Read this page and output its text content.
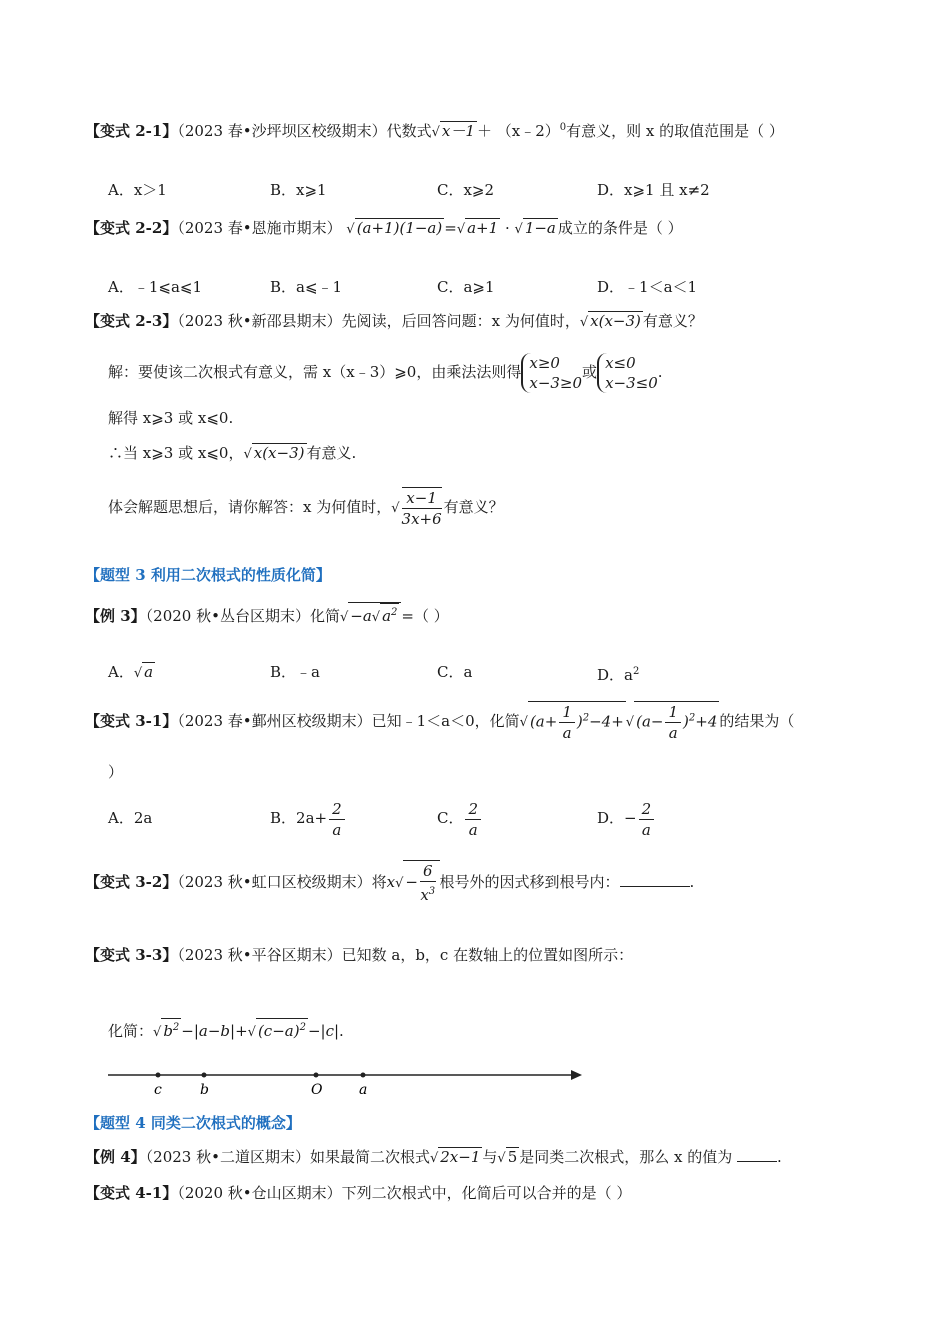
【变式 2-1】（2023 春•沙坪坝区校级期末）代数式√ x－1 ＋ （x﹣2）$^0$有意义，则 x 的取值范围是（ ）
A．x＞1	B．x⩾1	C．x⩾2	D．x⩾1 且 x≠2
【变式 2-2】（2023 春•恩施市期末） √ (a+1)(1−a) =√ a+1 · √ 1−a 成立的条件是（ ）
A．﹣1⩽a⩽1	B．a⩽﹣1	C．a⩾1	D．﹣1＜a＜1
【变式 2-3】（2023 秋•新邵县期末）先阅读，后回答问题：x 为何值时，√ x(x−3) 有意义？
解：要使该二次根式有意义，需 x（x﹣3）⩾0，由乘法法则得 x≥0
x−3≥0
或 x≤0
x−3≤0
.
解得 x⩾3 或 x⩽0.
∴当 x⩾3 或 x⩽0，√ x(x−3) 有意义.
体会解题思想后，请你解答：x 为何值时，√ $\frac{x-1}{3x+6}$ 有意义？
【题型 3 利用二次根式的性质化简】
【例 3】（2020 秋•丛台区期末）化简√ −a√ $a^2$ =（ ）
A．√ a	B．﹣a	C．a	D．$a^2$
【变式 3-1】（2023 春•鄞州区校级期末）已知﹣1＜a＜0，化简√ $(a+ \frac{1}{a} )^2-4+$ √ $(a- \frac{1}{a} )^2+4$ 的结果为（
）
A．2a	B．$2a+ \frac{2}{a}$	C． $\frac{2}{a}$	D．− $\frac{2}{a}$
【变式 3-2】（2023 秋•虹口区校级期末）将$x√ - \frac{6}{x^3}$ 根号外的因式移到根号内：	.
【变式 3-3】（2023 秋•平谷区期末）已知数 a，b，c 在数轴上的位置如图所示：
化简：√ $b^2 -|a-b|+√$ $(c-a)^2 -|c|$.
c	b	O	a
【题型 4 同类二次根式的概念】
【例 4】（2023 秋•二道区期末）如果最简二次根式√ 2x−1 与√ 5 是同类二次根式，那么 x 的值为	.
【变式 4-1】（2020 秋•仓山区期末）下列二次根式中，化简后可以合并的是（ ）
